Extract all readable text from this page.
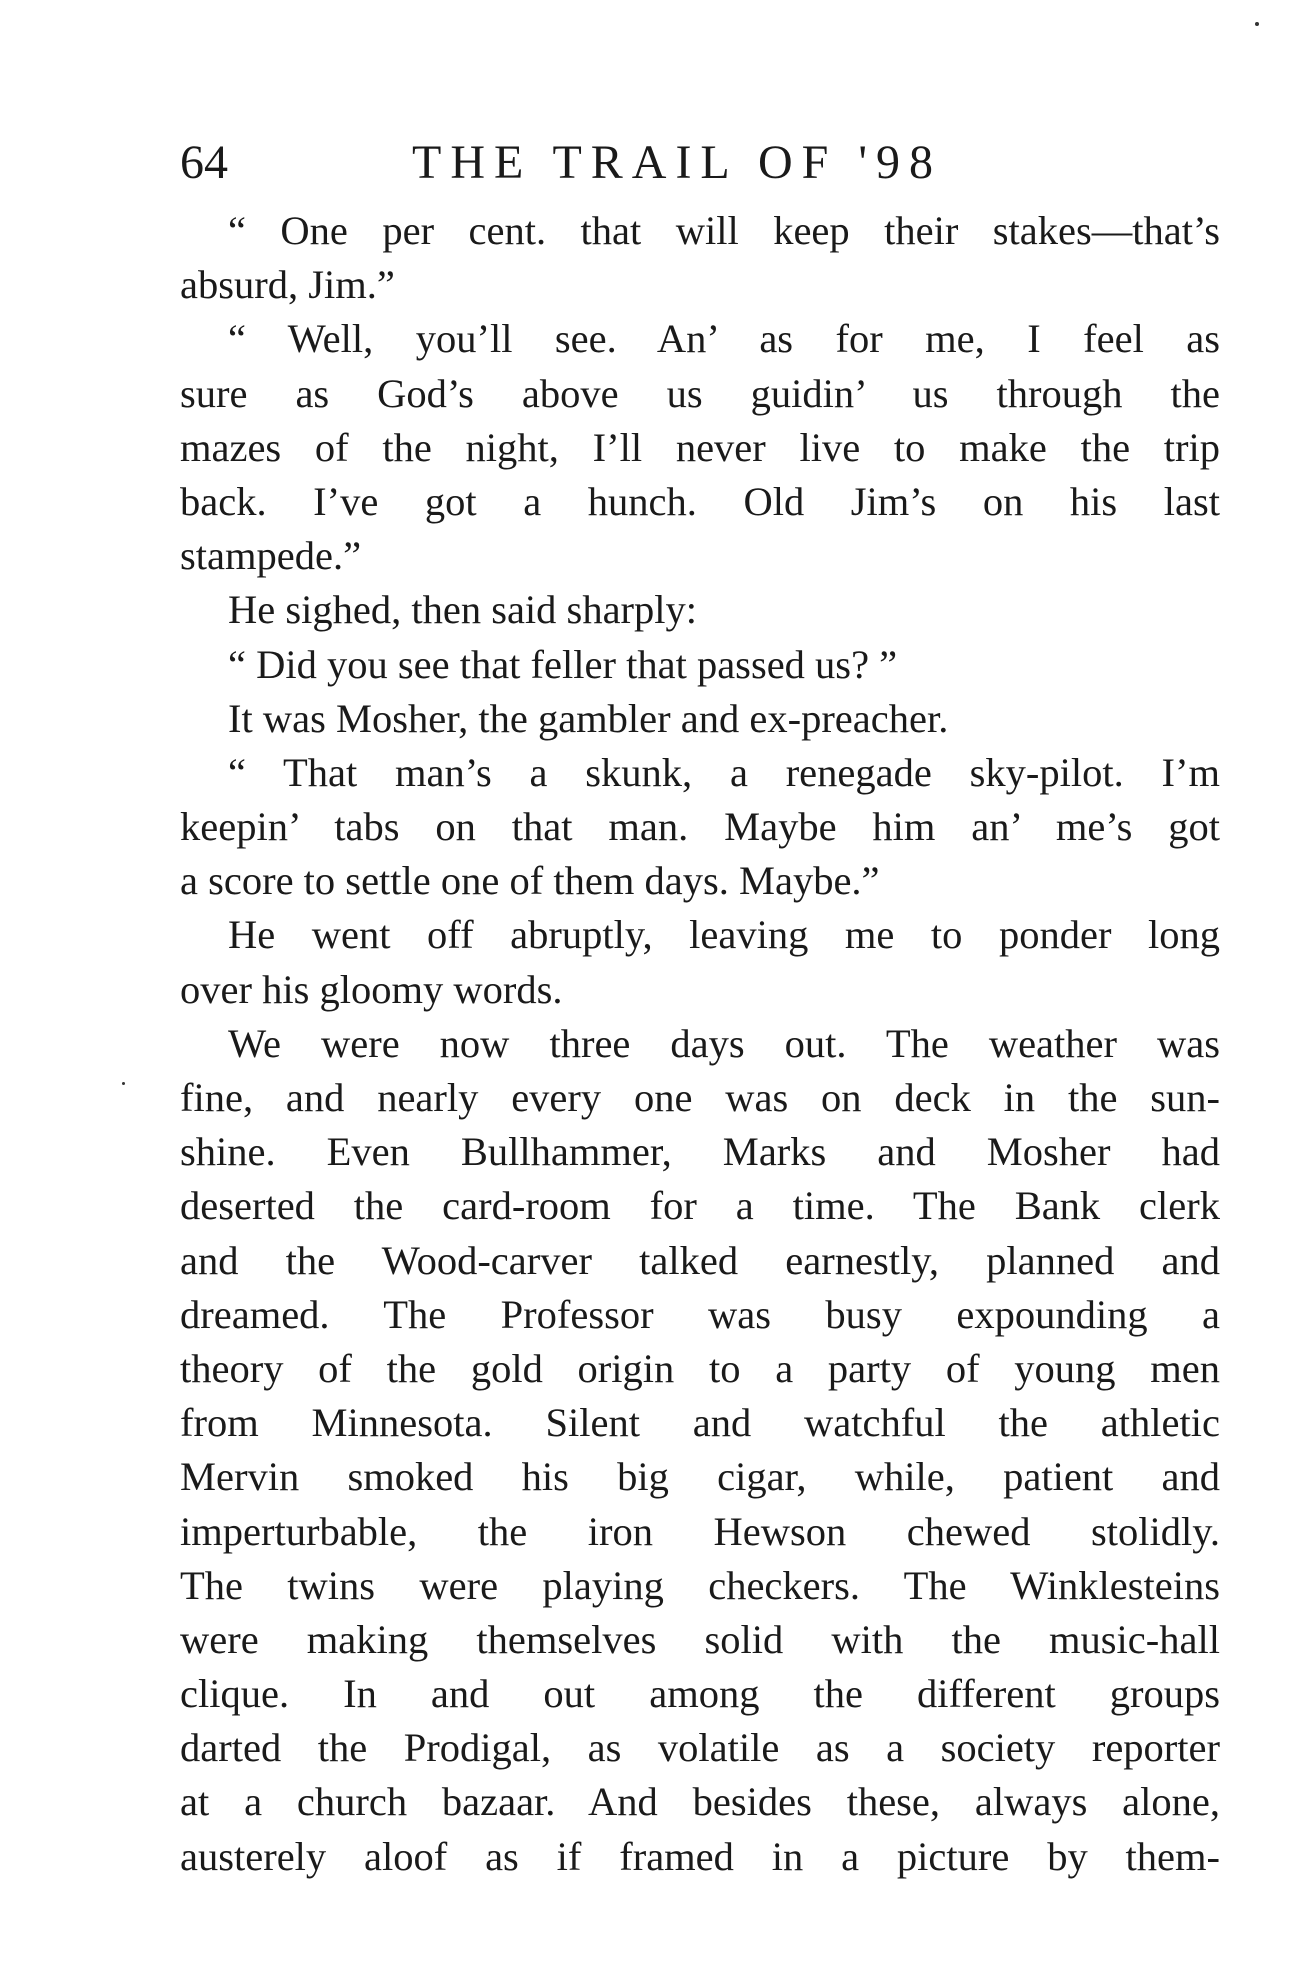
64	THE TRAIL OF '98
“ One per cent. that will keep their stakes—that’s
absurd, Jim.”
“ Well, you’ll see. An’ as for me, I feel as
sure as God’s above us guidin’ us through the
mazes of the night, I’ll never live to make the trip
back. I’ve got a hunch. Old Jim’s on his last
stampede.”
He sighed, then said sharply:
“ Did you see that feller that passed us? ”
It was Mosher, the gambler and ex-preacher.
“ That man’s a skunk, a renegade sky-pilot. I’m
keepin’ tabs on that man. Maybe him an’ me’s got
a score to settle one of them days. Maybe.”
He went off abruptly, leaving me to ponder long
over his gloomy words.
We were now three days out. The weather was
fine, and nearly every one was on deck in the sun-
shine. Even Bullhammer, Marks and Mosher had
deserted the card-room for a time. The Bank clerk
and the Wood-carver talked earnestly, planned and
dreamed. The Professor was busy expounding a
theory of the gold origin to a party of young men
from Minnesota. Silent and watchful the athletic
Mervin smoked his big cigar, while, patient and
imperturbable, the iron Hewson chewed stolidly.
The twins were playing checkers. The Winklesteins
were making themselves solid with the music-hall
clique. In and out among the different groups
darted the Prodigal, as volatile as a society reporter
at a church bazaar. And besides these, always alone,
austerely aloof as if framed in a picture by them-
